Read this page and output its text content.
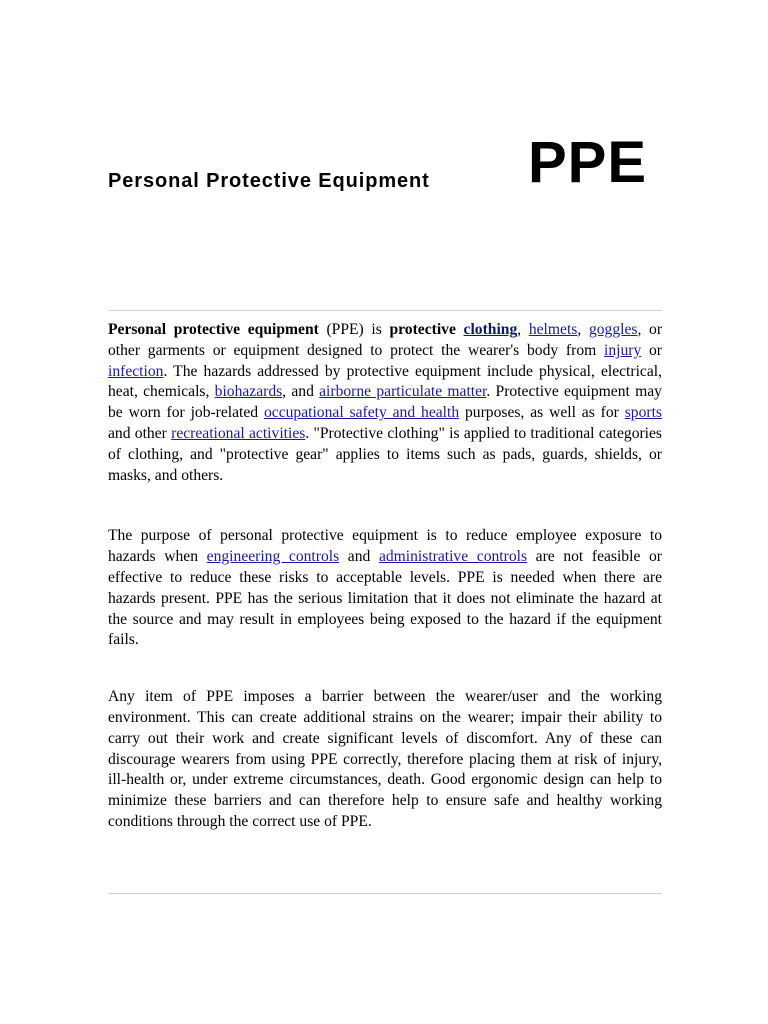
Personal Protective Equipment PPE

Personal protective equipment (PPE) is protective clothing, helmets, goggles, or other garments or equipment designed to protect the wearer's body from injury or infection. The hazards addressed by protective equipment include physical, electrical, heat, chemicals, biohazards, and airborne particulate matter. Protective equipment may be worn for job-related occupational safety and health purposes, as well as for sports and other recreational activities. "Protective clothing" is applied to traditional categories of clothing, and "protective gear" applies to items such as pads, guards, shields, or masks, and others.

The purpose of personal protective equipment is to reduce employee exposure to hazards when engineering controls and administrative controls are not feasible or effective to reduce these risks to acceptable levels. PPE is needed when there are hazards present. PPE has the serious limitation that it does not eliminate the hazard at the source and may result in employees being exposed to the hazard if the equipment fails.

Any item of PPE imposes a barrier between the wearer/user and the working environment. This can create additional strains on the wearer; impair their ability to carry out their work and create significant levels of discomfort. Any of these can discourage wearers from using PPE correctly, therefore placing them at risk of injury, ill-health or, under extreme circumstances, death. Good ergonomic design can help to minimize these barriers and can therefore help to ensure safe and healthy working conditions through the correct use of PPE.
